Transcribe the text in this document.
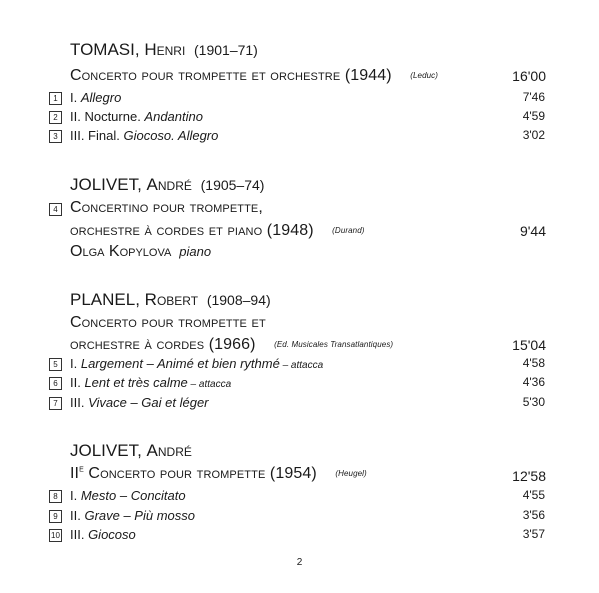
TOMASI, Henri (1901–71)
Concerto pour trompette et orchestre (1944) (Leduc)	16'00
1 I. Allegro	7'46
2 II. Nocturne. Andantino	4'59
3 III. Final. Giocoso. Allegro	3'02
JOLIVET, André (1905–74)
4 Concertino pour trompette,
orchestre à cordes et piano (1948) (Durand)	9'44
Olga Kopylova piano
PLANEL, Robert (1908–94)
Concerto pour trompette et
orchestre à cordes (1966) (Ed. Musicales Transatlantiques)	15'04
5 I. Largement – Animé et bien rythmé – attacca	4'58
6 II. Lent et très calme – attacca	4'36
7 III. Vivace – Gai et léger	5'30
JOLIVET, André
IIe Concerto pour trompette (1954) (Heugel)	12'58
8 I. Mesto – Concitato	4'55
9 II. Grave – Più mosso	3'56
10 III. Giocoso	3'57
2
